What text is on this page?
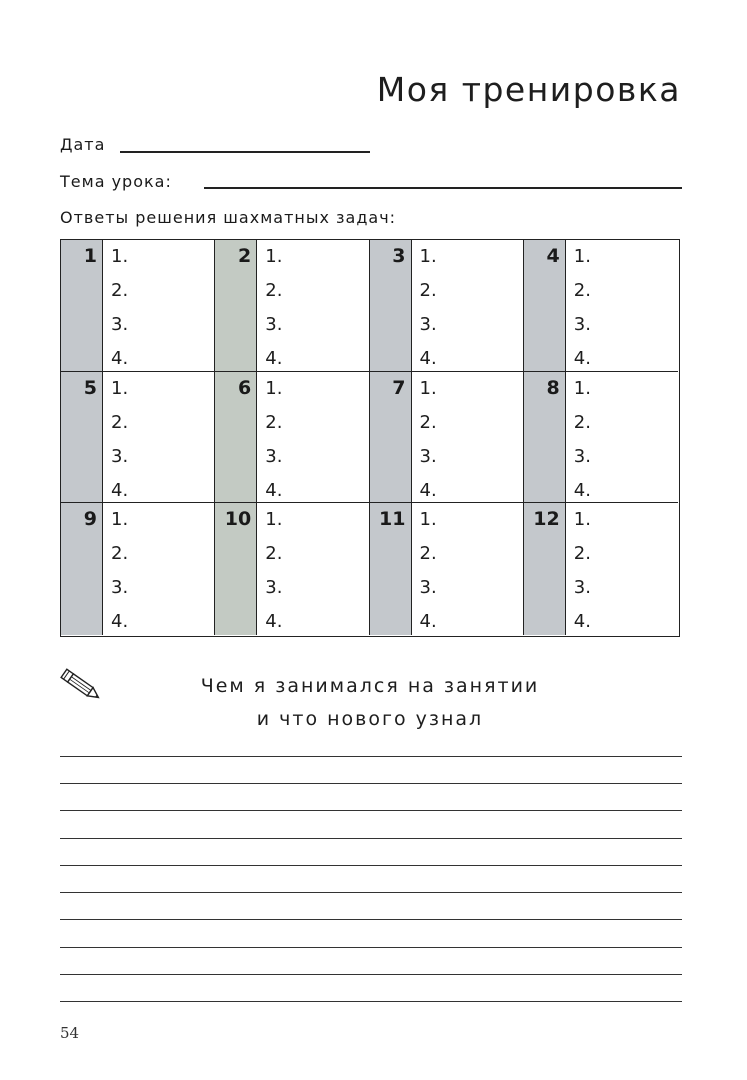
Моя тренировка
Дата
Тема урока:
Ответы решения шахматных задач:
1 1.
2.
3.
4.
2 1.
2.
3.
4.
3 1.
2.
3.
4.
4 1.
2.
3.
4.
5 1.
2.
3.
4.
6 1.
2.
3.
4.
7 1.
2.
3.
4.
8 1.
2.
3.
4.
9 1.
2.
3.
4.
10 1.
2.
3.
4.
11 1.
2.
3.
4.
12 1.
2.
3.
4.
Чем я занимался на занятии
и что нового узнал
54
